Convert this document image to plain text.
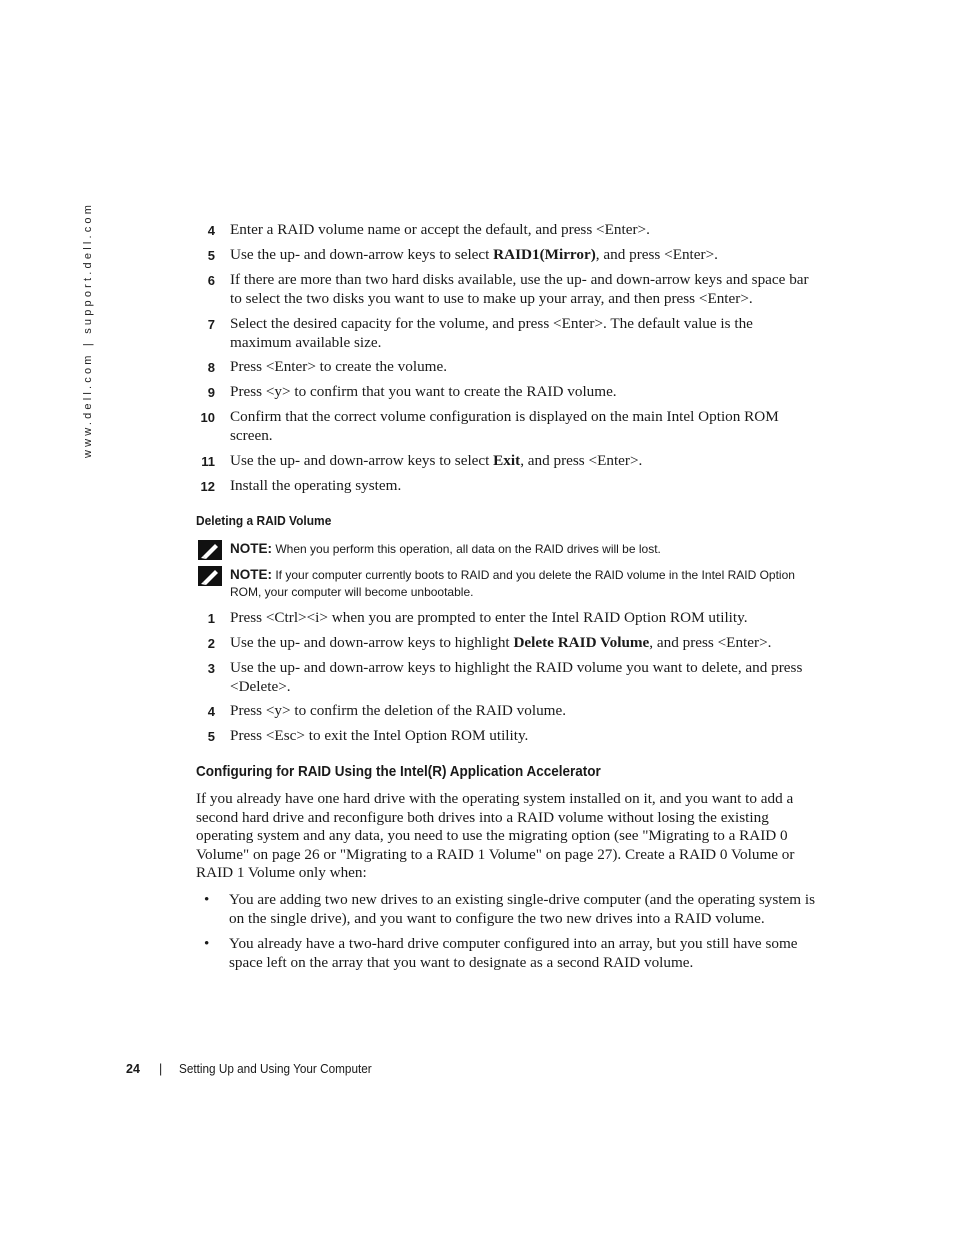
www.dell.com | support.dell.com	4 Enter a RAID volume name or accept the default, and press <Enter>.
5 Use the up- and down-arrow keys to select RAID1(Mirror), and press <Enter>.
6 If there are more than two hard disks available, use the up- and down-arrow keys and space bar to select the two disks you want to use to make up your array, and then press <Enter>.
7 Select the desired capacity for the volume, and press <Enter>. The default value is the maximum available size.
8 Press <Enter> to create the volume.
9 Press <y> to confirm that you want to create the RAID volume.
10 Confirm that the correct volume configuration is displayed on the main Intel Option ROM screen.
11 Use the up- and down-arrow keys to select Exit, and press <Enter>.
12 Install the operating system.
Deleting a RAID Volume
NOTE: When you perform this operation, all data on the RAID drives will be lost.
NOTE: If your computer currently boots to RAID and you delete the RAID volume in the Intel RAID Option ROM, your computer will become unbootable.
1 Press <Ctrl><i> when you are prompted to enter the Intel RAID Option ROM utility.
2 Use the up- and down-arrow keys to highlight Delete RAID Volume, and press <Enter>.
3 Use the up- and down-arrow keys to highlight the RAID volume you want to delete, and press <Delete>.
4 Press <y> to confirm the deletion of the RAID volume.
5 Press <Esc> to exit the Intel Option ROM utility.
Configuring for RAID Using the Intel(R) Application Accelerator
If you already have one hard drive with the operating system installed on it, and you want to add a second hard drive and reconfigure both drives into a RAID volume without losing the existing operating system and any data, you need to use the migrating option (see "Migrating to a RAID 0 Volume" on page 26 or "Migrating to a RAID 1 Volume" on page 27). Create a RAID 0 Volume or RAID 1 Volume only when:
• You are adding two new drives to an existing single-drive computer (and the operating system is on the single drive), and you want to configure the two new drives into a RAID volume.
• You already have a two-hard drive computer configured into an array, but you still have some space left on the array that you want to designate as a second RAID volume.
24 | Setting Up and Using Your Computer
